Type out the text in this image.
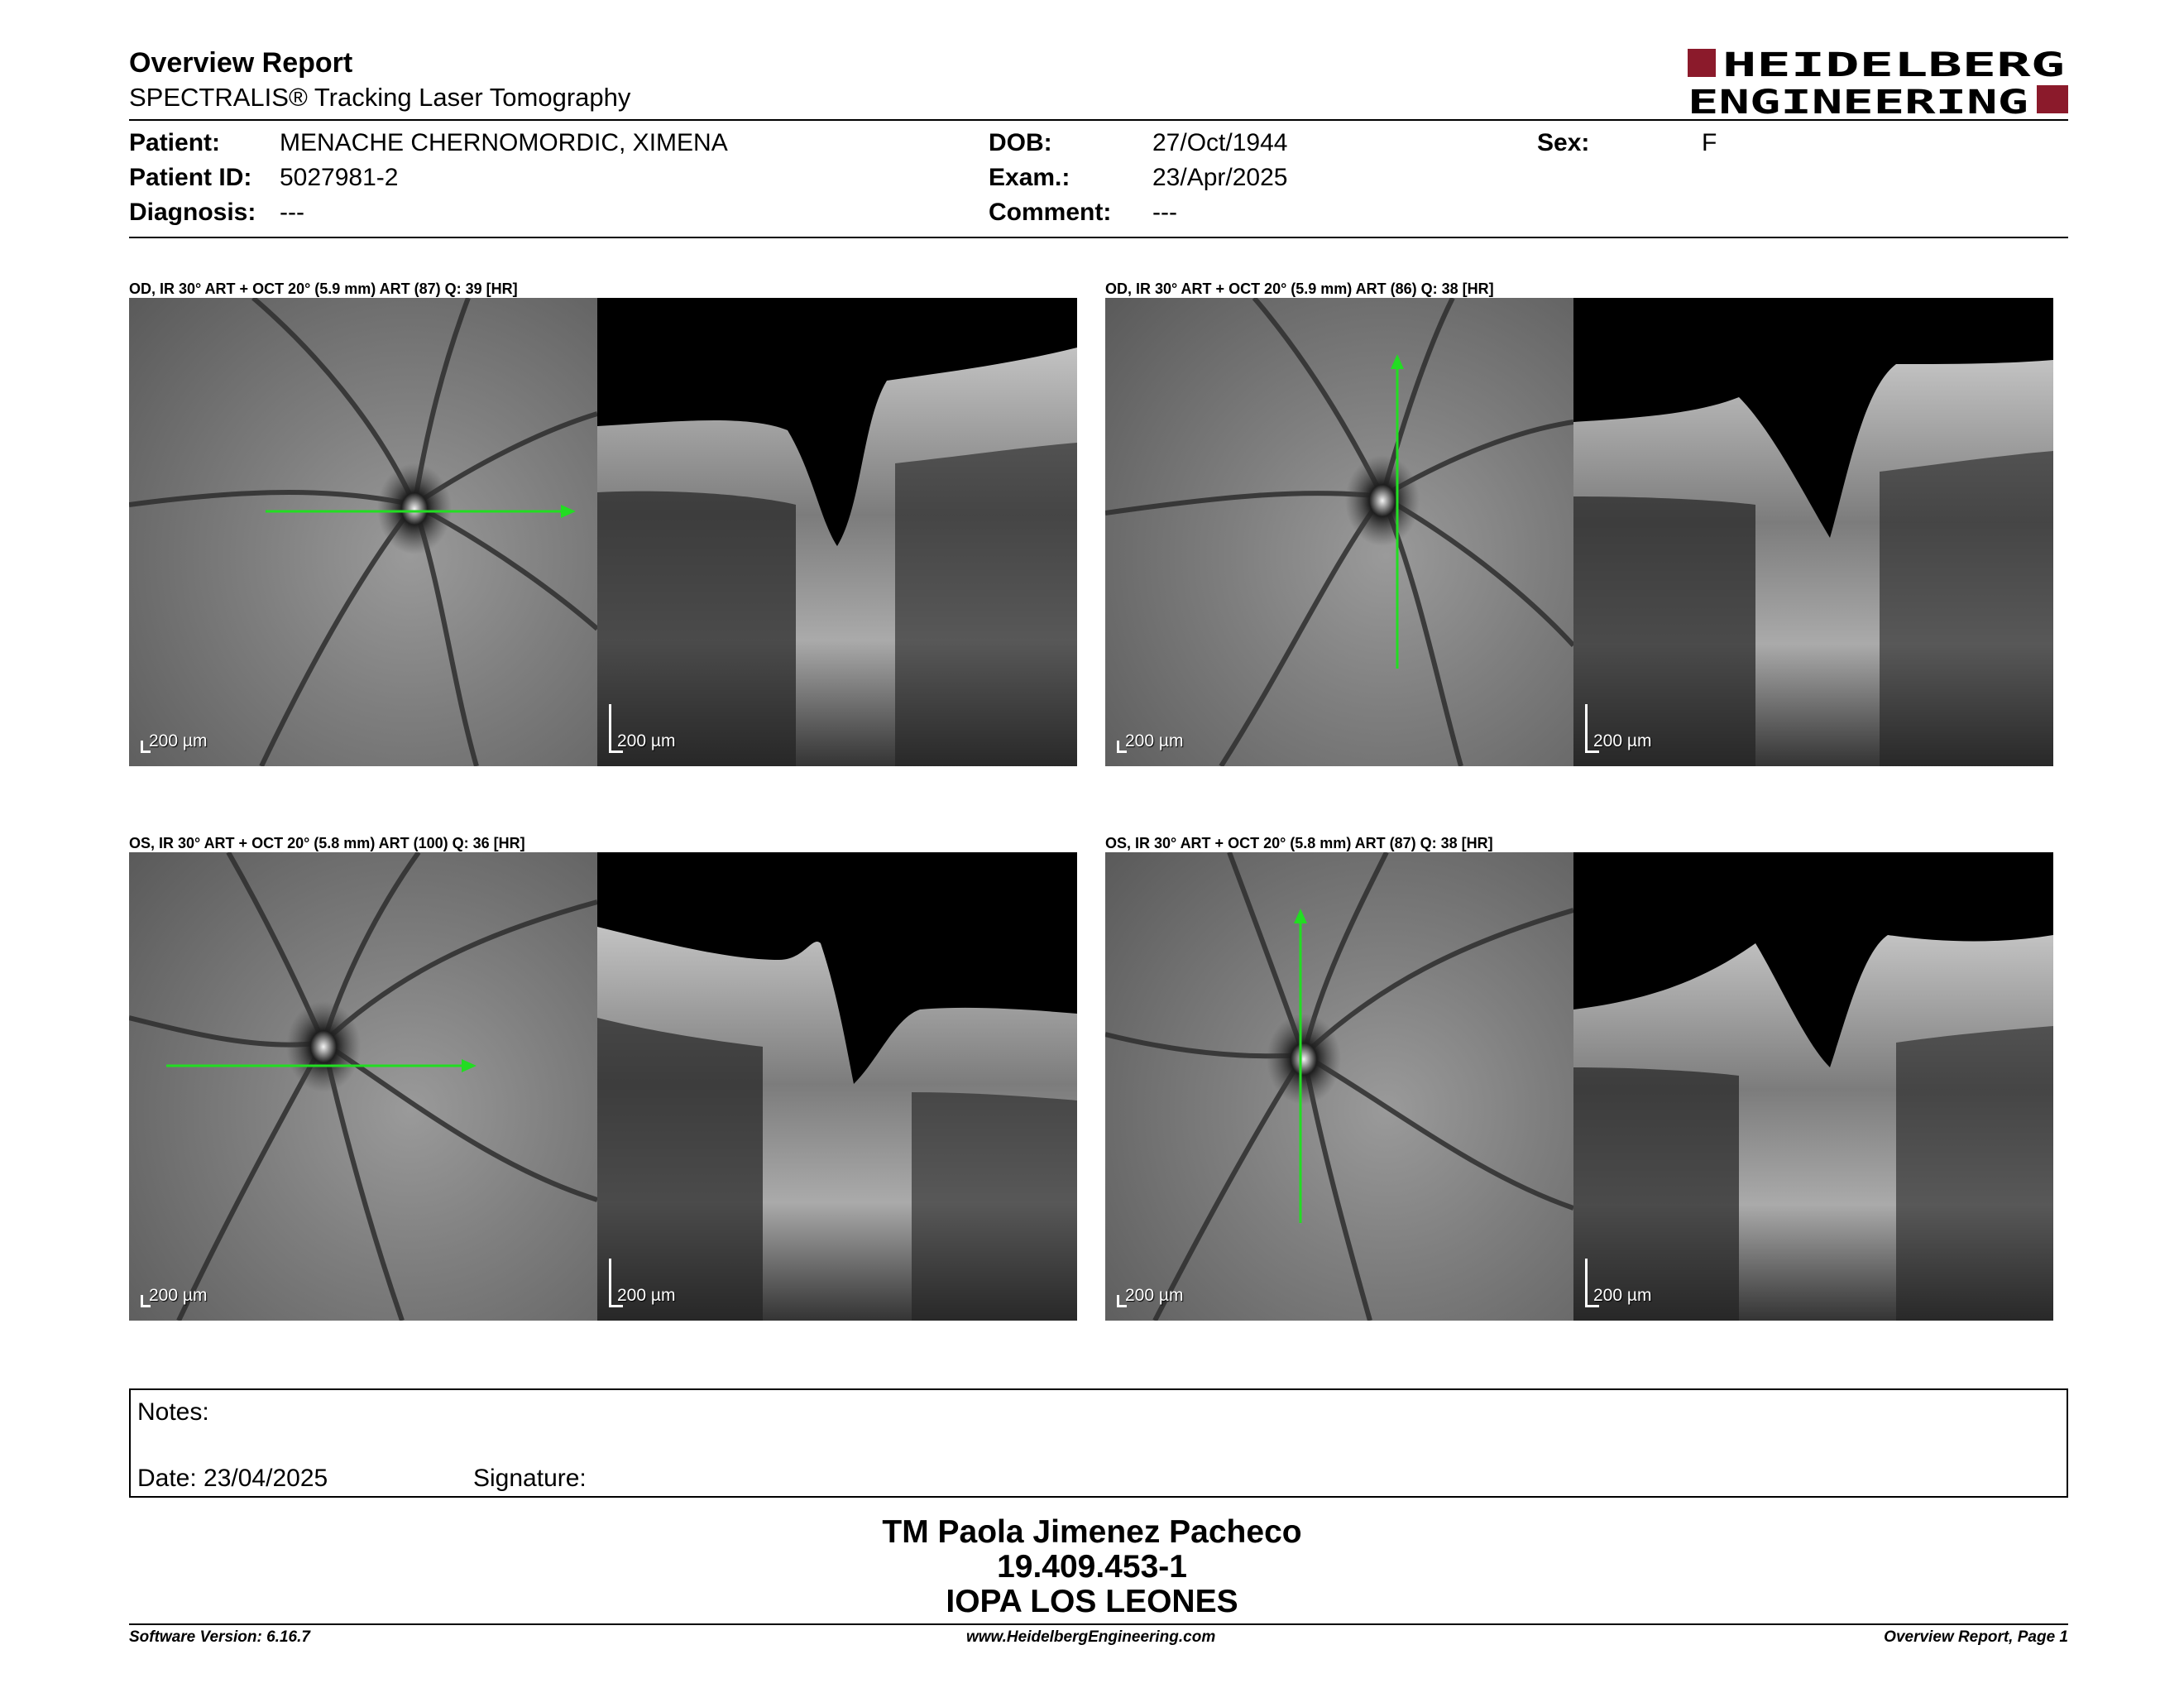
Overview Report
SPECTRALIS® Tracking Laser Tomography
HEIDELBERG
ENGINEERING
Patient: MENACHE CHERNOMORDIC, XIMENA
Patient ID: 5027981-2
Diagnosis: ---
DOB:	27/Oct/1944
Exam.:	23/Apr/2025
Comment: ---
Sex:	F
OD, IR 30° ART + OCT 20° (5.9 mm) ART (87) Q: 39 [HR]	OD, IR 30° ART + OCT 20° (5.9 mm) ART (86) Q: 38 [HR]
OS, IR 30° ART + OCT 20° (5.8 mm) ART (100) Q: 36 [HR]	OS, IR 30° ART + OCT 20° (5.8 mm) ART (87) Q: 38 [HR]
200 µm	200 µm	200 µm	200 µm
200 µm	200 µm	200 µm	200 µm
Notes:
Date: 23/04/2025	Signature:
TM Paola Jimenez Pacheco
19.409.453-1
IOPA LOS LEONES
Software Version: 6.16.7	www.HeidelbergEngineering.com	Overview Report, Page 1
